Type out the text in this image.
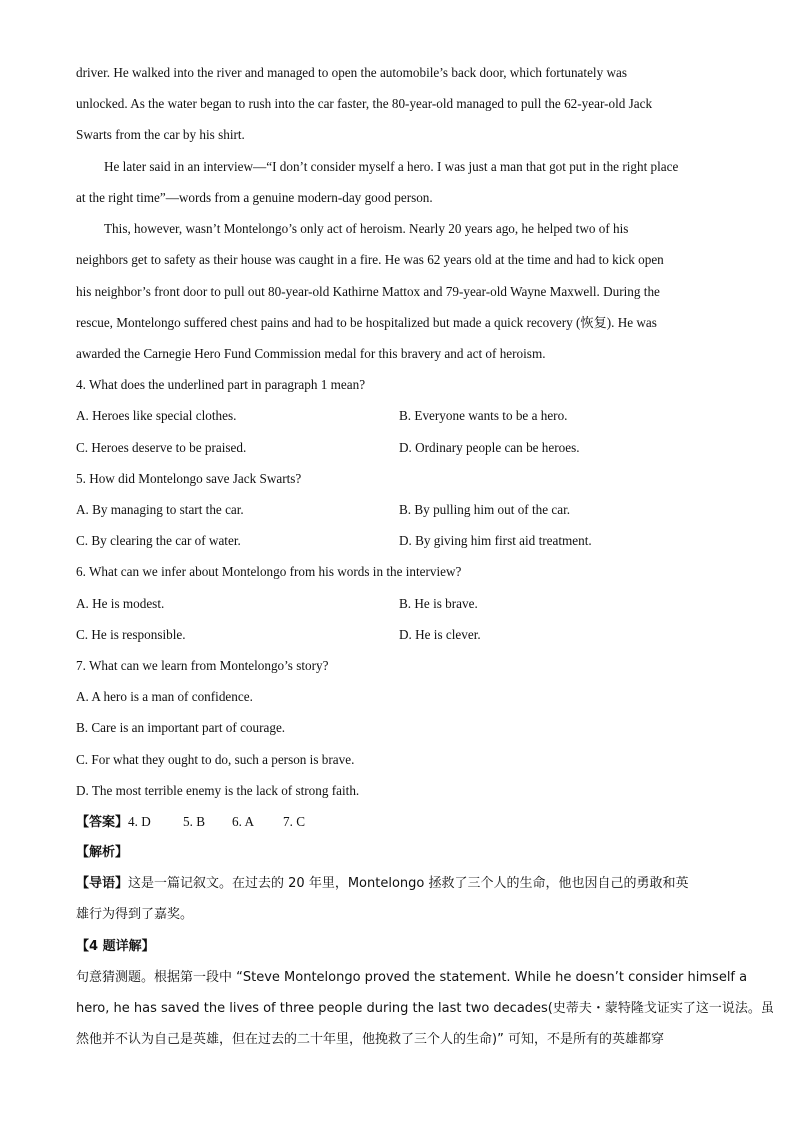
driver. He walked into the river and managed to open the automobile’s back door, which fortunately was
unlocked. As the water began to rush into the car faster, the 80-year-old managed to pull the 62-year-old Jack
Swarts from the car by his shirt.
He later said in an interview—“I don’t consider myself a hero. I was just a man that got put in the right place
at the right time”—words from a genuine modern-day good person.
This, however, wasn’t Montelongo’s only act of heroism. Nearly 20 years ago, he helped two of his
neighbors get to safety as their house was caught in a fire. He was 62 years old at the time and had to kick open
his neighbor’s front door to pull out 80-year-old Kathirne Mattox and 79-year-old Wayne Maxwell. During the
rescue, Montelongo suffered chest pains and had to be hospitalized but made a quick recovery (恢复). He was
awarded the Carnegie Hero Fund Commission medal for this bravery and act of heroism.
4. What does the underlined part in paragraph 1 mean?
A. Heroes like special clothes.	B. Everyone wants to be a hero.
C. Heroes deserve to be praised.	D. Ordinary people can be heroes.
5. How did Montelongo save Jack Swarts?
A. By managing to start the car.	B. By pulling him out of the car.
C. By clearing the car of water.	D. By giving him first aid treatment.
6. What can we infer about Montelongo from his words in the interview?
A. He is modest.	B. He is brave.
C. He is responsible.	D. He is clever.
7. What can we learn from Montelongo’s story?
A. A hero is a man of confidence.
B. Care is an important part of courage.
C. For what they ought to do, such a person is brave.
D. The most terrible enemy is the lack of strong faith.
【答案】4. D 5. B 6. A 7. C
【解析】
【导语】这是一篇记叙文。在过去的 20 年里，Montelongo 拯救了三个人的生命，他也因自己的勇敢和英
雄行为得到了嘉奖。
【4 题详解】
句意猜测题。根据第一段中 “Steve Montelongo proved the statement. While he doesn’t consider himself a
hero, he has saved the lives of three people during the last two decades(史蒂夫・蒙特隆戈证实了这一说法。虽
然他并不认为自己是英雄，但在过去的二十年里，他挽救了三个人的生命)” 可知，不是所有的英雄都穿
